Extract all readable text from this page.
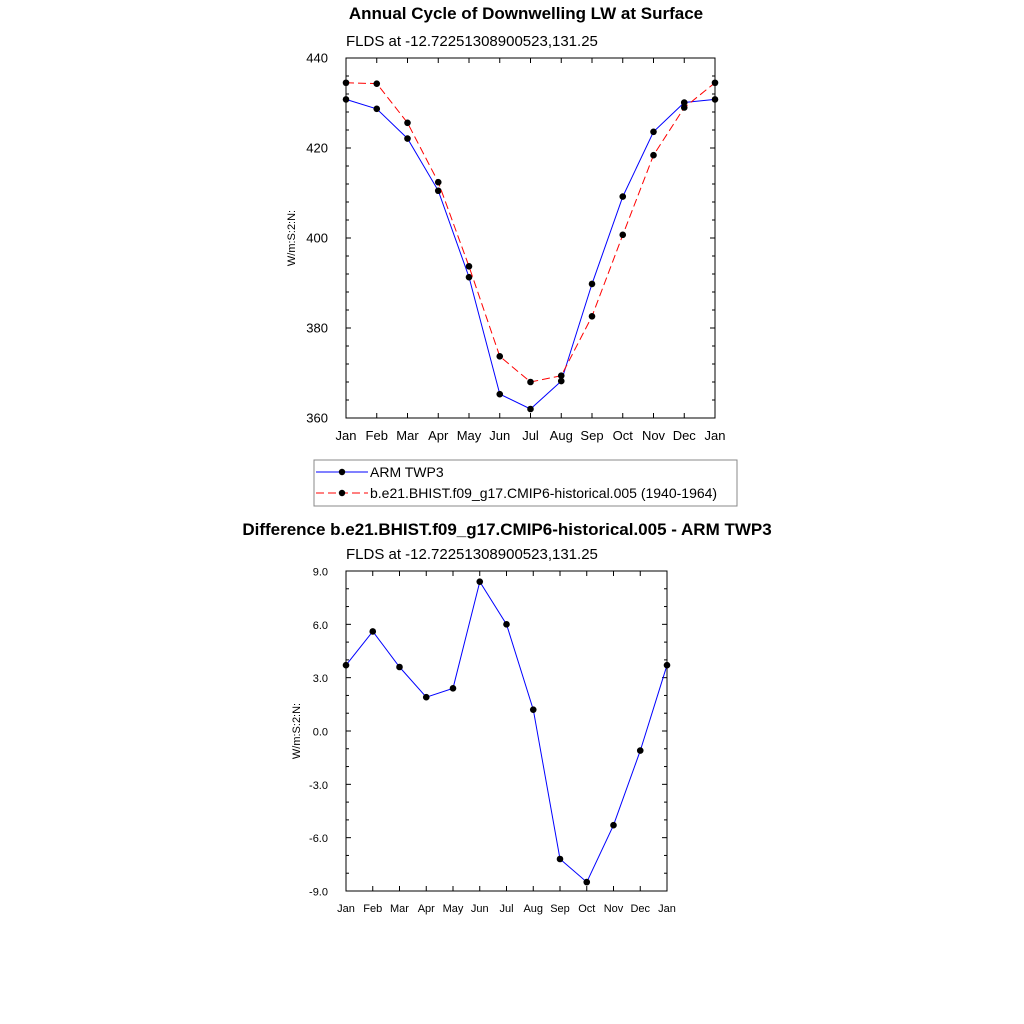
Annual Cycle of Downwelling LW at Surface
FLDS at -12.72251308900523,131.25
W/m:S:2:N:
Jan Feb Mar Apr May Jun Jul Aug Sep Oct Nov Dec Jan
360
380
400
420
440
ARM TWP3
b.e21.BHIST.f09_g17.CMIP6-historical.005 (1940-1964)
Difference b.e21.BHIST.f09_g17.CMIP6-historical.005 - ARM TWP3
FLDS at -12.72251308900523,131.25
W/m:S:2:N:
Jan Feb Mar Apr May Jun Jul Aug Sep Oct Nov Dec Jan
-9.0
-6.0
-3.0
0.0
3.0
6.0
9.0
